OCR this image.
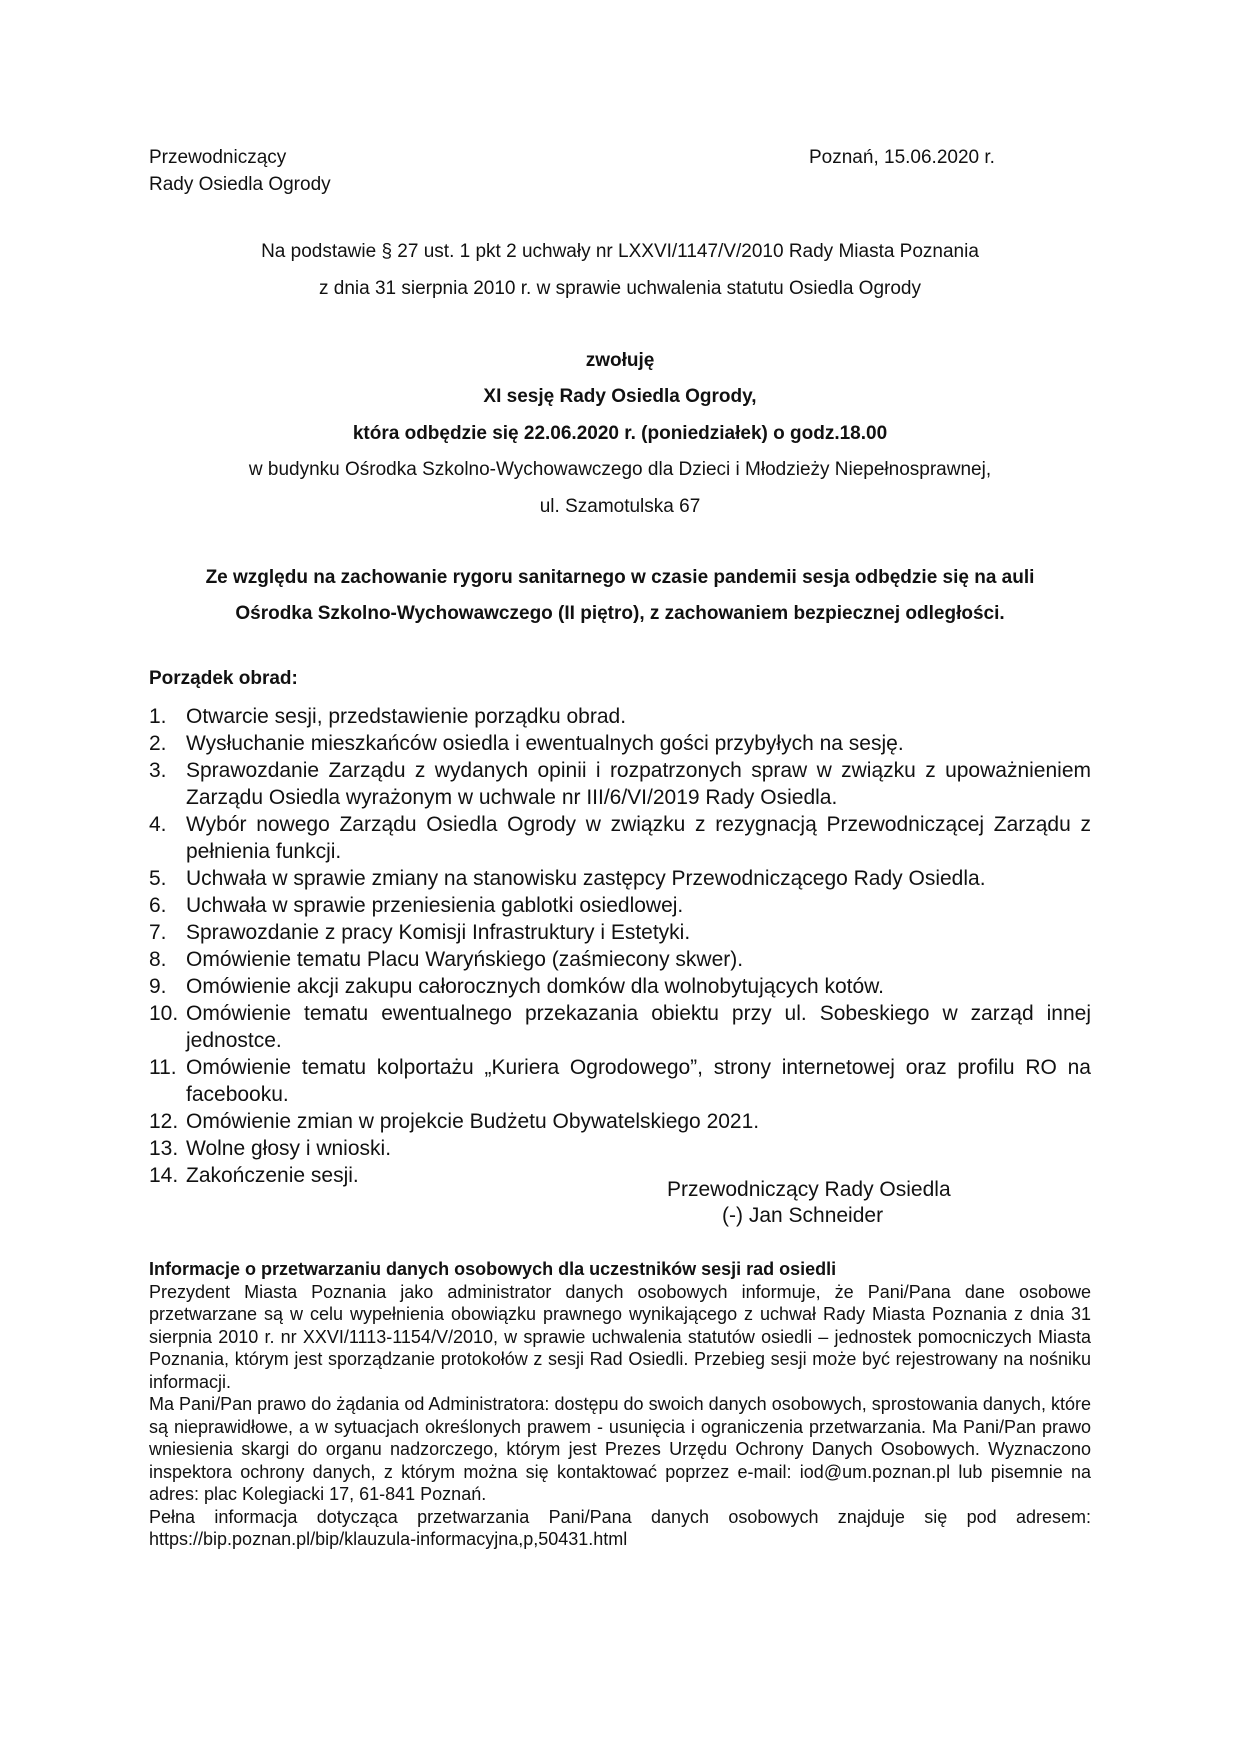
Przewodniczący
Rady Osiedla Ogrody
Poznań, 15.06.2020 r.
Na podstawie § 27 ust. 1 pkt 2 uchwały nr LXXVI/1147/V/2010 Rady Miasta Poznania
z dnia 31 sierpnia 2010 r. w sprawie uchwalenia statutu Osiedla Ogrody
zwołuję
XI sesję Rady Osiedla Ogrody,
która odbędzie się 22.06.2020 r. (poniedziałek) o godz.18.00
w budynku Ośrodka Szkolno-Wychowawczego dla Dzieci i Młodzieży Niepełnosprawnej,
ul. Szamotulska 67
Ze względu na zachowanie rygoru sanitarnego w czasie pandemii sesja odbędzie się na auli
Ośrodka Szkolno-Wychowawczego (II piętro), z zachowaniem bezpiecznej odległości.
Porządek obrad:
1. Otwarcie sesji, przedstawienie porządku obrad.
2. Wysłuchanie mieszkańców osiedla i ewentualnych gości przybyłych na sesję.
3. Sprawozdanie Zarządu z wydanych opinii i rozpatrzonych spraw w związku z upoważnieniem Zarządu Osiedla wyrażonym w uchwale nr III/6/VI/2019 Rady Osiedla.
4. Wybór nowego Zarządu Osiedla Ogrody w związku z rezygnacją Przewodniczącej Zarządu z pełnienia funkcji.
5. Uchwała w sprawie zmiany na stanowisku zastępcy Przewodniczącego Rady Osiedla.
6. Uchwała w sprawie przeniesienia gablotki osiedlowej.
7. Sprawozdanie z pracy Komisji Infrastruktury i Estetyki.
8. Omówienie tematu Placu Waryńskiego (zaśmiecony skwer).
9. Omówienie akcji zakupu całorocznych domków dla wolnobytujących kotów.
10. Omówienie tematu ewentualnego przekazania obiektu przy ul. Sobeskiego w zarząd innej jednostce.
11. Omówienie tematu kolportażu „Kuriera Ogrodowego”, strony internetowej oraz profilu RO na facebooku.
12. Omówienie zmian w projekcie Budżetu Obywatelskiego 2021.
13. Wolne głosy i wnioski.
14. Zakończenie sesji.
Przewodniczący Rady Osiedla
(-) Jan Schneider

Informacje o przetwarzaniu danych osobowych dla uczestników sesji rad osiedli

Prezydent Miasta Poznania jako administrator danych osobowych informuje, że Pani/Pana dane osobowe przetwarzane są w celu wypełnienia obowiązku prawnego wynikającego z uchwał Rady Miasta Poznania z dnia 31 sierpnia 2010 r. nr XXVI/1113-1154/V/2010, w sprawie uchwalenia statutów osiedli – jednostek pomocniczych Miasta Poznania, którym jest sporządzanie protokołów z sesji Rad Osiedli. Przebieg sesji może być rejestrowany na nośniku informacji.

Ma Pani/Pan prawo do żądania od Administratora: dostępu do swoich danych osobowych, sprostowania danych, które są nieprawidłowe, a w sytuacjach określonych prawem - usunięcia i ograniczenia przetwarzania. Ma Pani/Pan prawo wniesienia skargi do organu nadzorczego, którym jest Prezes Urzędu Ochrony Danych Osobowych. Wyznaczono inspektora ochrony danych, z którym można się kontaktować poprzez e-mail: iod@um.poznan.pl lub pisemnie na adres: plac Kolegiacki 17, 61-841 Poznań.

Pełna informacja dotycząca przetwarzania Pani/Pana danych osobowych znajduje się pod adresem: https://bip.poznan.pl/bip/klauzula-informacyjna,p,50431.html
